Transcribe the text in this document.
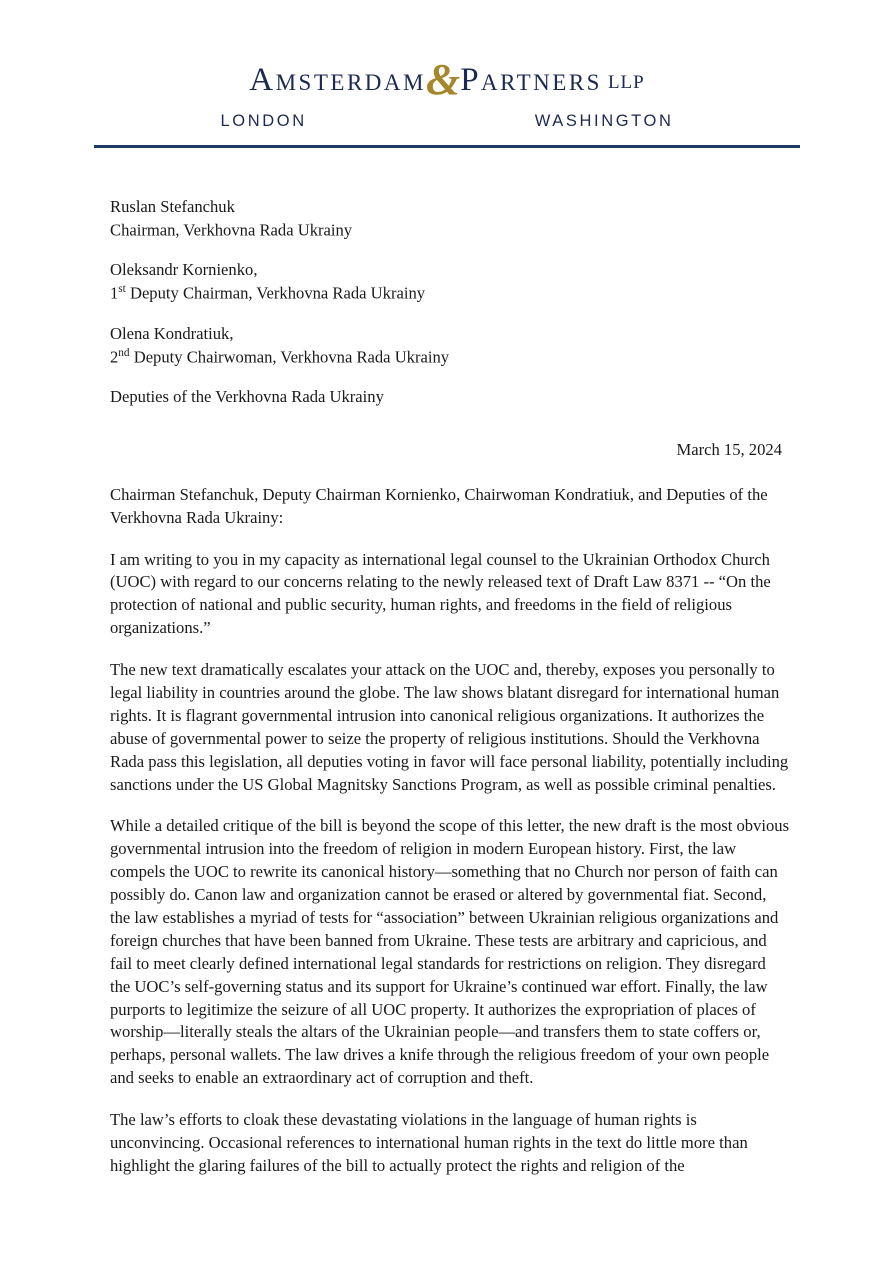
Amsterdam&Partners LLP
LONDON	WASHINGTON
Ruslan Stefanchuk
Chairman, Verkhovna Rada Ukrainy
Oleksandr Kornienko,
1st Deputy Chairman, Verkhovna Rada Ukrainy
Olena Kondratiuk,
2nd Deputy Chairwoman, Verkhovna Rada Ukrainy
Deputies of the Verkhovna Rada Ukrainy
March 15, 2024

Chairman Stefanchuk, Deputy Chairman Kornienko, Chairwoman Kondratiuk, and Deputies of the Verkhovna Rada Ukrainy:

I am writing to you in my capacity as international legal counsel to the Ukrainian Orthodox Church (UOC) with regard to our concerns relating to the newly released text of Draft Law 8371 -- “On the protection of national and public security, human rights, and freedoms in the field of religious organizations.”

The new text dramatically escalates your attack on the UOC and, thereby, exposes you personally to legal liability in countries around the globe. The law shows blatant disregard for international human rights. It is flagrant governmental intrusion into canonical religious organizations. It authorizes the abuse of governmental power to seize the property of religious institutions. Should the Verkhovna Rada pass this legislation, all deputies voting in favor will face personal liability, potentially including sanctions under the US Global Magnitsky Sanctions Program, as well as possible criminal penalties.

While a detailed critique of the bill is beyond the scope of this letter, the new draft is the most obvious governmental intrusion into the freedom of religion in modern European history. First, the law compels the UOC to rewrite its canonical history—something that no Church nor person of faith can possibly do. Canon law and organization cannot be erased or altered by governmental fiat. Second, the law establishes a myriad of tests for “association” between Ukrainian religious organizations and foreign churches that have been banned from Ukraine. These tests are arbitrary and capricious, and fail to meet clearly defined international legal standards for restrictions on religion. They disregard the UOC’s self-governing status and its support for Ukraine’s continued war effort. Finally, the law purports to legitimize the seizure of all UOC property. It authorizes the expropriation of places of worship—literally steals the altars of the Ukrainian people—and transfers them to state coffers or, perhaps, personal wallets. The law drives a knife through the religious freedom of your own people and seeks to enable an extraordinary act of corruption and theft.

The law’s efforts to cloak these devastating violations in the language of human rights is unconvincing. Occasional references to international human rights in the text do little more than highlight the glaring failures of the bill to actually protect the rights and religion of the
